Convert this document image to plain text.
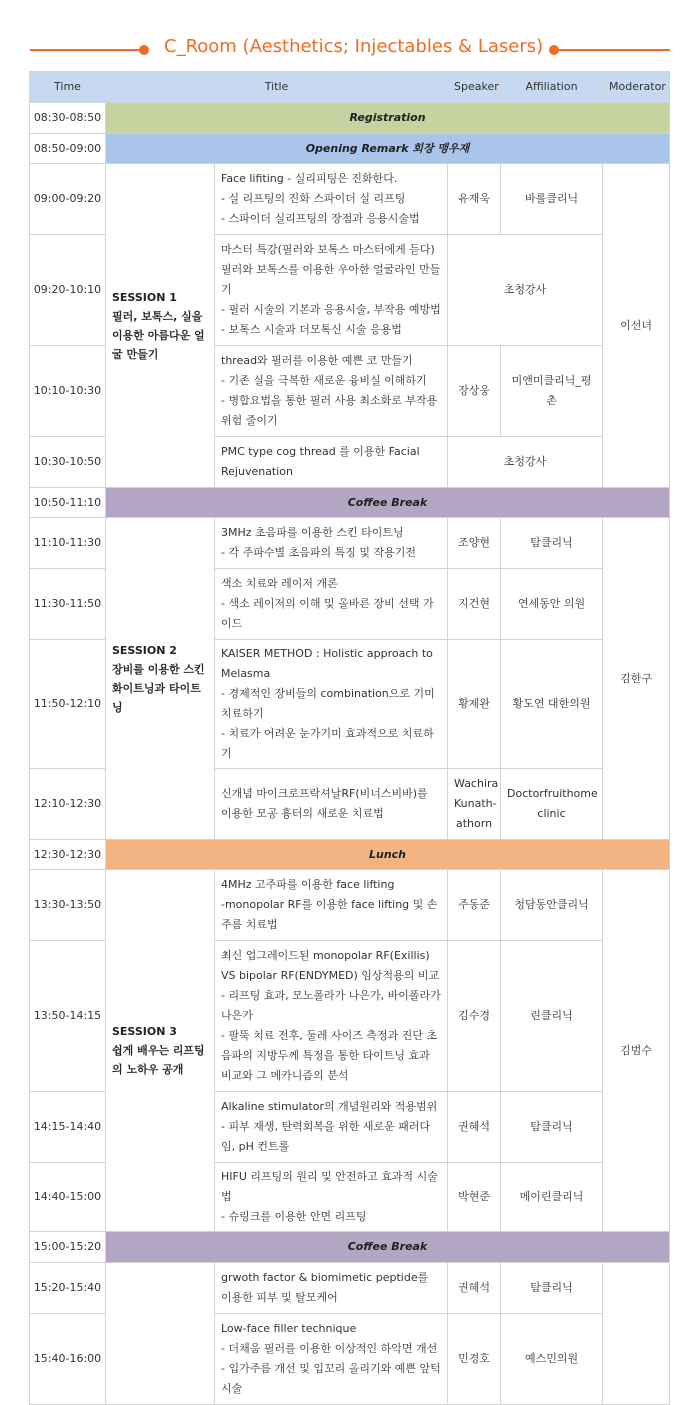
C_Room (Aesthetics; Injectables & Lasers)
Time	Title		Speaker	Affiliation	Moderator
08:30-08:50	Registration				
08:50-09:00	Opening Remark 회장 맹우재				
09:00-09:20	SESSION 1
필러, 보톡스, 실을 이용한 아름다운 얼굴 만들기	Face lifiting - 실리피팅은 진화한다.
- 실 리프팅의 진화 스파이더 실 리프팅
- 스파이더 실리프팅의 장점과 응용시술법	유재욱	바롤클리닉	이선녀
09:20-10:10		마스터 특강(필러와 보톡스 마스터에게 듣다)
필러와 보톡스를 이용한 우아한 얼굴라인 만들기
- 필러 시술의 기본과 응용시술, 부작용 예방법
- 보톡스 시술과 더모톡신 시술 응용법	초청강사		
10:10-10:30		thread와 필러를 이용한 예쁜 코 만들기
- 기존 실을 극복한 새로운 융비실 이해하기
- 병합요법을 통한 필러 사용 최소화로 부작용 위험 줄이기	장상웅	미앤미클리닉_평촌	
10:30-10:50		PMC type cog thread 를 이용한 Facial Rejuvenation	초청강사		
10:50-11:10	Coffee Break				
11:10-11:30	SESSION 2
장비를 이용한 스킨 화이트닝과 타이트닝	3MHz 초음파를 이용한 스킨 타이트닝
- 각 주파수별 초음파의 특징 및 작용기전	조양현	탐클리닉	김한구
11:30-11:50		색소 치료와 레이저 개론
- 색소 레이저의 이해 및 올바른 장비 선택 가이드	지건현	연세동안 의원	
11:50-12:10		KAISER METHOD : Holistic approach to Melasma
- 경제적인 장비들의 combination으로 기미치료하기
- 치료가 어려운 눈가기미 효과적으로 치료하기	황제완	황도연 대한의원	
12:10-12:30		신개념 마이크로프락셔날RF(비너스비바)를 이용한 모공 흉터의 새로운 치료법	Wachira Kunath-athorn	Doctorfruithome clinic	
12:30-12:30	Lunch				
13:30-13:50	SESSION 3
쉽게 배우는 리프팅의 노하우 공개	4MHz 고주파를 이용한 face lifting
-monopolar RF를 이용한 face lifting 및 손주름 치료법	주동준	청담동안클리닉	김범수
13:50-14:15		최신 업그레이드된 monopolar RF(Exillis) VS bipolar RF(ENDYMED) 임상적용의 비교
- 리프팅 효과, 모노폴라가 나은가, 바이폴라가 나은가
- 팔뚝 치료 전후, 둘레 사이즈 측정과 진단 초음파의 지방두께 특정을 통한 타이트닝 효과 비교와 그 메카니즘의 분석	김수경	린클리닉	
14:15-14:40		Alkaline stimulator의 개념원리와 적용범위
- 피부 재생, 탄력회복을 위한 새로운 패러다임, pH 컨트롤	권혜석	탐클리닉	
14:40-15:00		HIFU 리프팅의 원리 및 안전하고 효과적 시술법
- 슈링크를 이용한 안면 리프팅	박현준	메이린클리닉	
15:00-15:20	Coffee Break				
15:20-15:40		grwoth factor & biomimetic peptide를 이용한 피부 및 탈모케어	권혜석	탐클리닉	
15:40-16:00		Low-face filler technique
- 더채움 필러를 이용한 이상적인 하악면 개선
- 입가주름 개선 및 입꼬리 올리기와 예쁜 앞턱 시술	민경호	예스민의원	
